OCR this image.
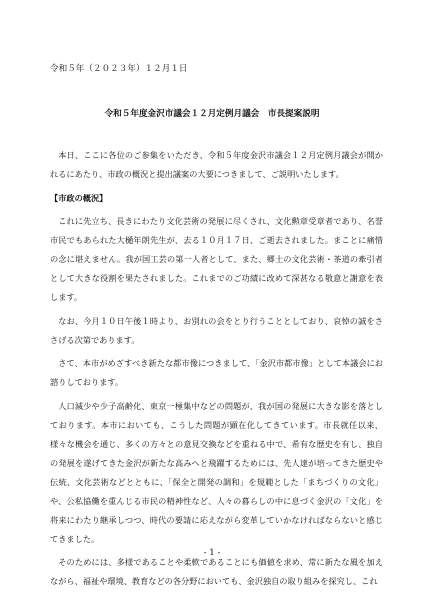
令和５年（２０２３年）１２月１日
令和５年度金沢市議会１２月定例月議会　市長提案説明

本日、ここに各位のご参集をいただき、令和５年度金沢市議会１２月定例月議会が開かれるにあたり、市政の概況と提出議案の大要につきまして、ご説明いたします。

【市政の概況】

これに先立ち、長きにわたり文化芸術の発展に尽くされ、文化勲章受章者であり、名誉市民でもあられた大樋年朗先生が、去る１０月１７日、ご逝去されました。まことに痛惜の念に堪えません。我が国工芸の第一人者として、また、郷土の文化芸術・茶道の牽引者として大きな役割を果たされました。これまでのご功績に改めて深甚なる敬意と謝意を表します。

なお、今月１０日午後１時より、お別れの会をとり行うこととしており、哀悼の誠をささげる次第であります。

さて、本市がめざすべき新たな都市像につきまして、「金沢市都市像」として本議会にお諮りしております。

人口減少や少子高齢化、東京一極集中などの問題が、我が国の発展に大きな影を落としております。本市においても、こうした問題が顕在化してきています。市長就任以来、様々な機会を通じ、多くの方々との意見交換などを重ねる中で、希有な歴史を有し、独自の発展を遂げてきた金沢が新たな高みへと飛躍するためには、先人達が培ってきた歴史や伝統、文化芸術などとともに、「保全と開発の調和」を規範とした「まちづくりの文化」や、公私協働を重んじる市民の精神性など、人々の暮らしの中に息づく金沢の「文化」を将来にわたり継承しつつ、時代の要請に応えながら変革していかなければならないと感じてきました。

そのためには、多様であることや柔軟であることにも価値を求め、常に新たな風を加えながら、福祉や環境、教育などの各分野においても、金沢独自の取り組みを探究し、これ

- 1 -
